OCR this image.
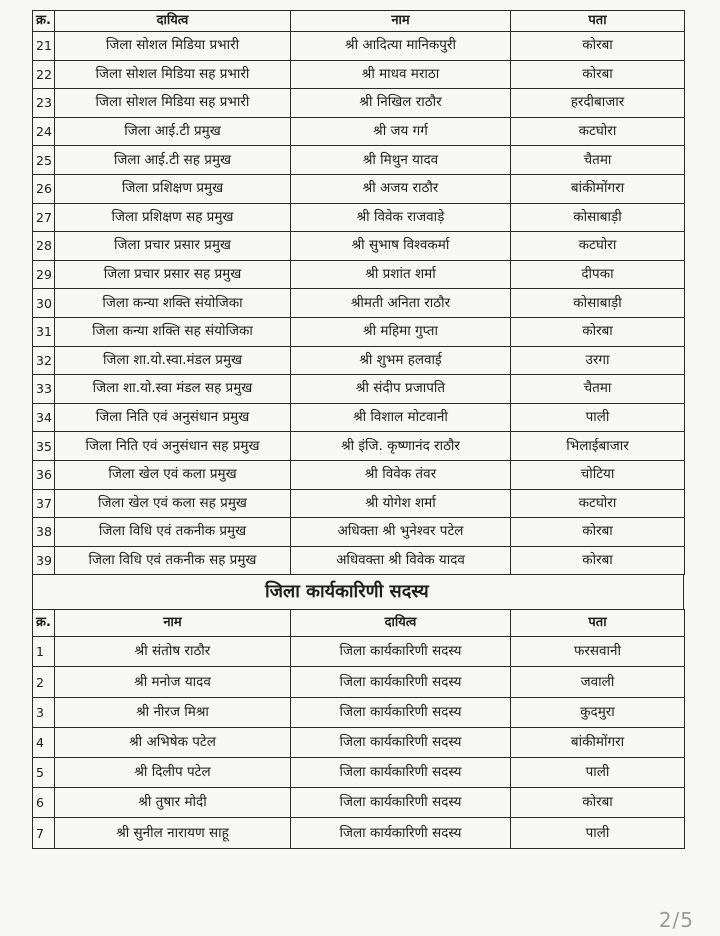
क्र.	दायित्व	नाम	पता
21	जिला सोशल मिडिया प्रभारी	श्री आदित्या मानिकपुरी	कोरबा
22	जिला सोशल मिडिया सह प्रभारी	श्री माधव मराठा	कोरबा
23	जिला सोशल मिडिया सह प्रभारी	श्री निखिल राठौर	हरदीबाजार
24	जिला आई.टी प्रमुख	श्री जय गर्ग	कटघोरा
25	जिला आई.टी सह प्रमुख	श्री मिथुन यादव	चैतमा
26	जिला प्रशिक्षण प्रमुख	श्री अजय राठौर	बांकीमोंगरा
27	जिला प्रशिक्षण सह प्रमुख	श्री विवेक राजवाड़े	कोसाबाड़ी
28	जिला प्रचार प्रसार प्रमुख	श्री सुभाष विश्वकर्मा	कटघोरा
29	जिला प्रचार प्रसार सह प्रमुख	श्री प्रशांत शर्मा	दीपका
30	जिला कन्या शक्ति संयोजिका	श्रीमती अनिता राठौर	कोसाबाड़ी
31	जिला कन्या शक्ति सह संयोजिका	श्री महिमा गुप्ता	कोरबा
32	जिला शा.यो.स्वा.मंडल प्रमुख	श्री शुभम हलवाई	उरगा
33	जिला शा.यो.स्वा मंडल सह प्रमुख	श्री संदीप प्रजापति	चैतमा
34	जिला निति एवं अनुसंधान प्रमुख	श्री विशाल मोटवानी	पाली
35	जिला निति एवं अनुसंधान सह प्रमुख	श्री इंजि. कृष्णानंद राठौर	भिलाईबाजार
36	जिला खेल एवं कला प्रमुख	श्री विवेक तंवर	चोटिया
37	जिला खेल एवं कला सह प्रमुख	श्री योगेश शर्मा	कटघोरा
38	जिला विधि एवं तकनीक प्रमुख	अधिक्ता श्री भुनेश्वर पटेल	कोरबा
39	जिला विधि एवं तकनीक सह प्रमुख	अधिवक्ता श्री विवेक यादव	कोरबा
जिला कार्यकारिणी सदस्य
क्र.	नाम	दायित्व	पता
1	श्री संतोष राठौर	जिला कार्यकारिणी सदस्य	फरसवानी
2	श्री मनोज यादव	जिला कार्यकारिणी सदस्य	जवाली
3	श्री नीरज मिश्रा	जिला कार्यकारिणी सदस्य	कुदमुरा
4	श्री अभिषेक पटेल	जिला कार्यकारिणी सदस्य	बांकीमोंगरा
5	श्री दिलीप पटेल	जिला कार्यकारिणी सदस्य	पाली
6	श्री तुषार मोदी	जिला कार्यकारिणी सदस्य	कोरबा
7	श्री सुनील नारायण साहू	जिला कार्यकारिणी सदस्य	पाली
2/5
